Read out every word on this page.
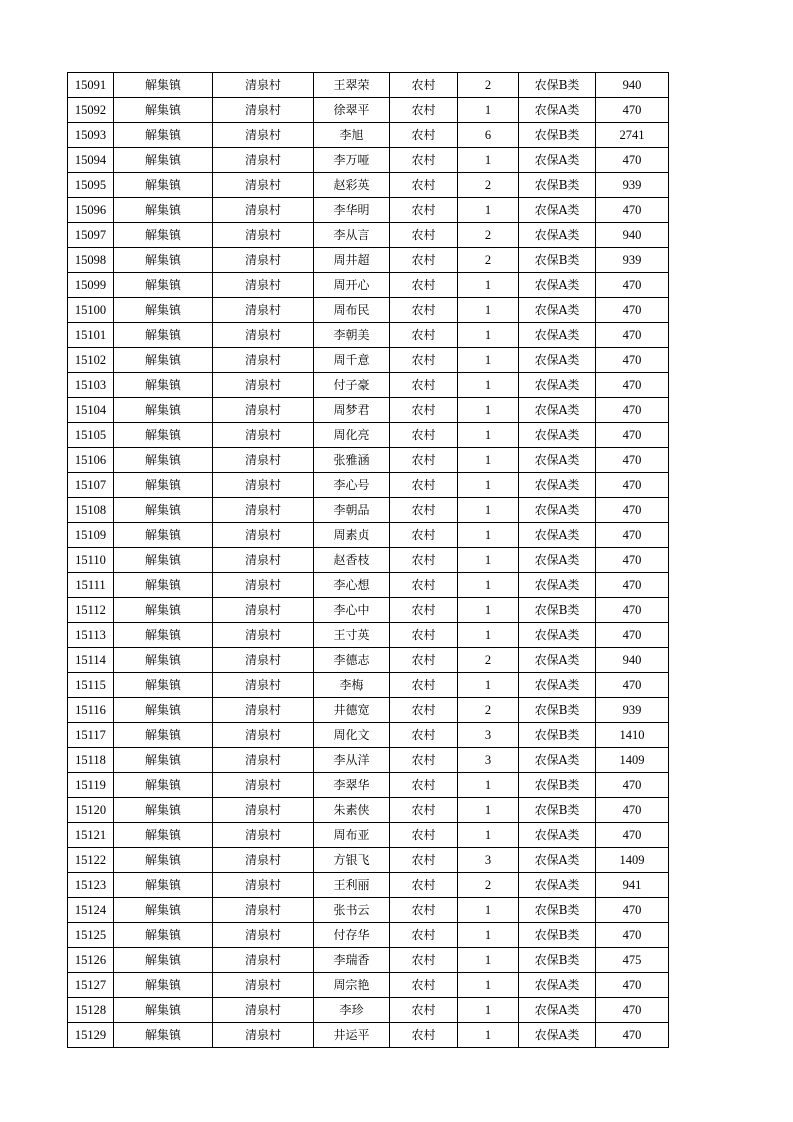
15091	解集镇	清泉村	王翠荣	农村	2	农保B类	940
15092	解集镇	清泉村	徐翠平	农村	1	农保A类	470
15093	解集镇	清泉村	李旭	农村	6	农保B类	2741
15094	解集镇	清泉村	李万哑	农村	1	农保A类	470
15095	解集镇	清泉村	赵彩英	农村	2	农保B类	939
15096	解集镇	清泉村	李华明	农村	1	农保A类	470
15097	解集镇	清泉村	李从言	农村	2	农保A类	940
15098	解集镇	清泉村	周井超	农村	2	农保B类	939
15099	解集镇	清泉村	周开心	农村	1	农保A类	470
15100	解集镇	清泉村	周布民	农村	1	农保A类	470
15101	解集镇	清泉村	李朝美	农村	1	农保A类	470
15102	解集镇	清泉村	周千意	农村	1	农保A类	470
15103	解集镇	清泉村	付子豪	农村	1	农保A类	470
15104	解集镇	清泉村	周梦君	农村	1	农保A类	470
15105	解集镇	清泉村	周化亮	农村	1	农保A类	470
15106	解集镇	清泉村	张雅涵	农村	1	农保A类	470
15107	解集镇	清泉村	李心号	农村	1	农保A类	470
15108	解集镇	清泉村	李朝品	农村	1	农保A类	470
15109	解集镇	清泉村	周素贞	农村	1	农保A类	470
15110	解集镇	清泉村	赵香枝	农村	1	农保A类	470
15111	解集镇	清泉村	李心想	农村	1	农保A类	470
15112	解集镇	清泉村	李心中	农村	1	农保B类	470
15113	解集镇	清泉村	王寸英	农村	1	农保A类	470
15114	解集镇	清泉村	李德志	农村	2	农保A类	940
15115	解集镇	清泉村	李梅	农村	1	农保A类	470
15116	解集镇	清泉村	井德宽	农村	2	农保B类	939
15117	解集镇	清泉村	周化文	农村	3	农保B类	1410
15118	解集镇	清泉村	李从洋	农村	3	农保A类	1409
15119	解集镇	清泉村	李翠华	农村	1	农保B类	470
15120	解集镇	清泉村	朱素侠	农村	1	农保B类	470
15121	解集镇	清泉村	周布亚	农村	1	农保A类	470
15122	解集镇	清泉村	方银飞	农村	3	农保A类	1409
15123	解集镇	清泉村	王利丽	农村	2	农保A类	941
15124	解集镇	清泉村	张书云	农村	1	农保B类	470
15125	解集镇	清泉村	付存华	农村	1	农保B类	470
15126	解集镇	清泉村	李瑞香	农村	1	农保B类	475
15127	解集镇	清泉村	周宗艳	农村	1	农保A类	470
15128	解集镇	清泉村	李珍	农村	1	农保A类	470
15129	解集镇	清泉村	井运平	农村	1	农保A类	470
